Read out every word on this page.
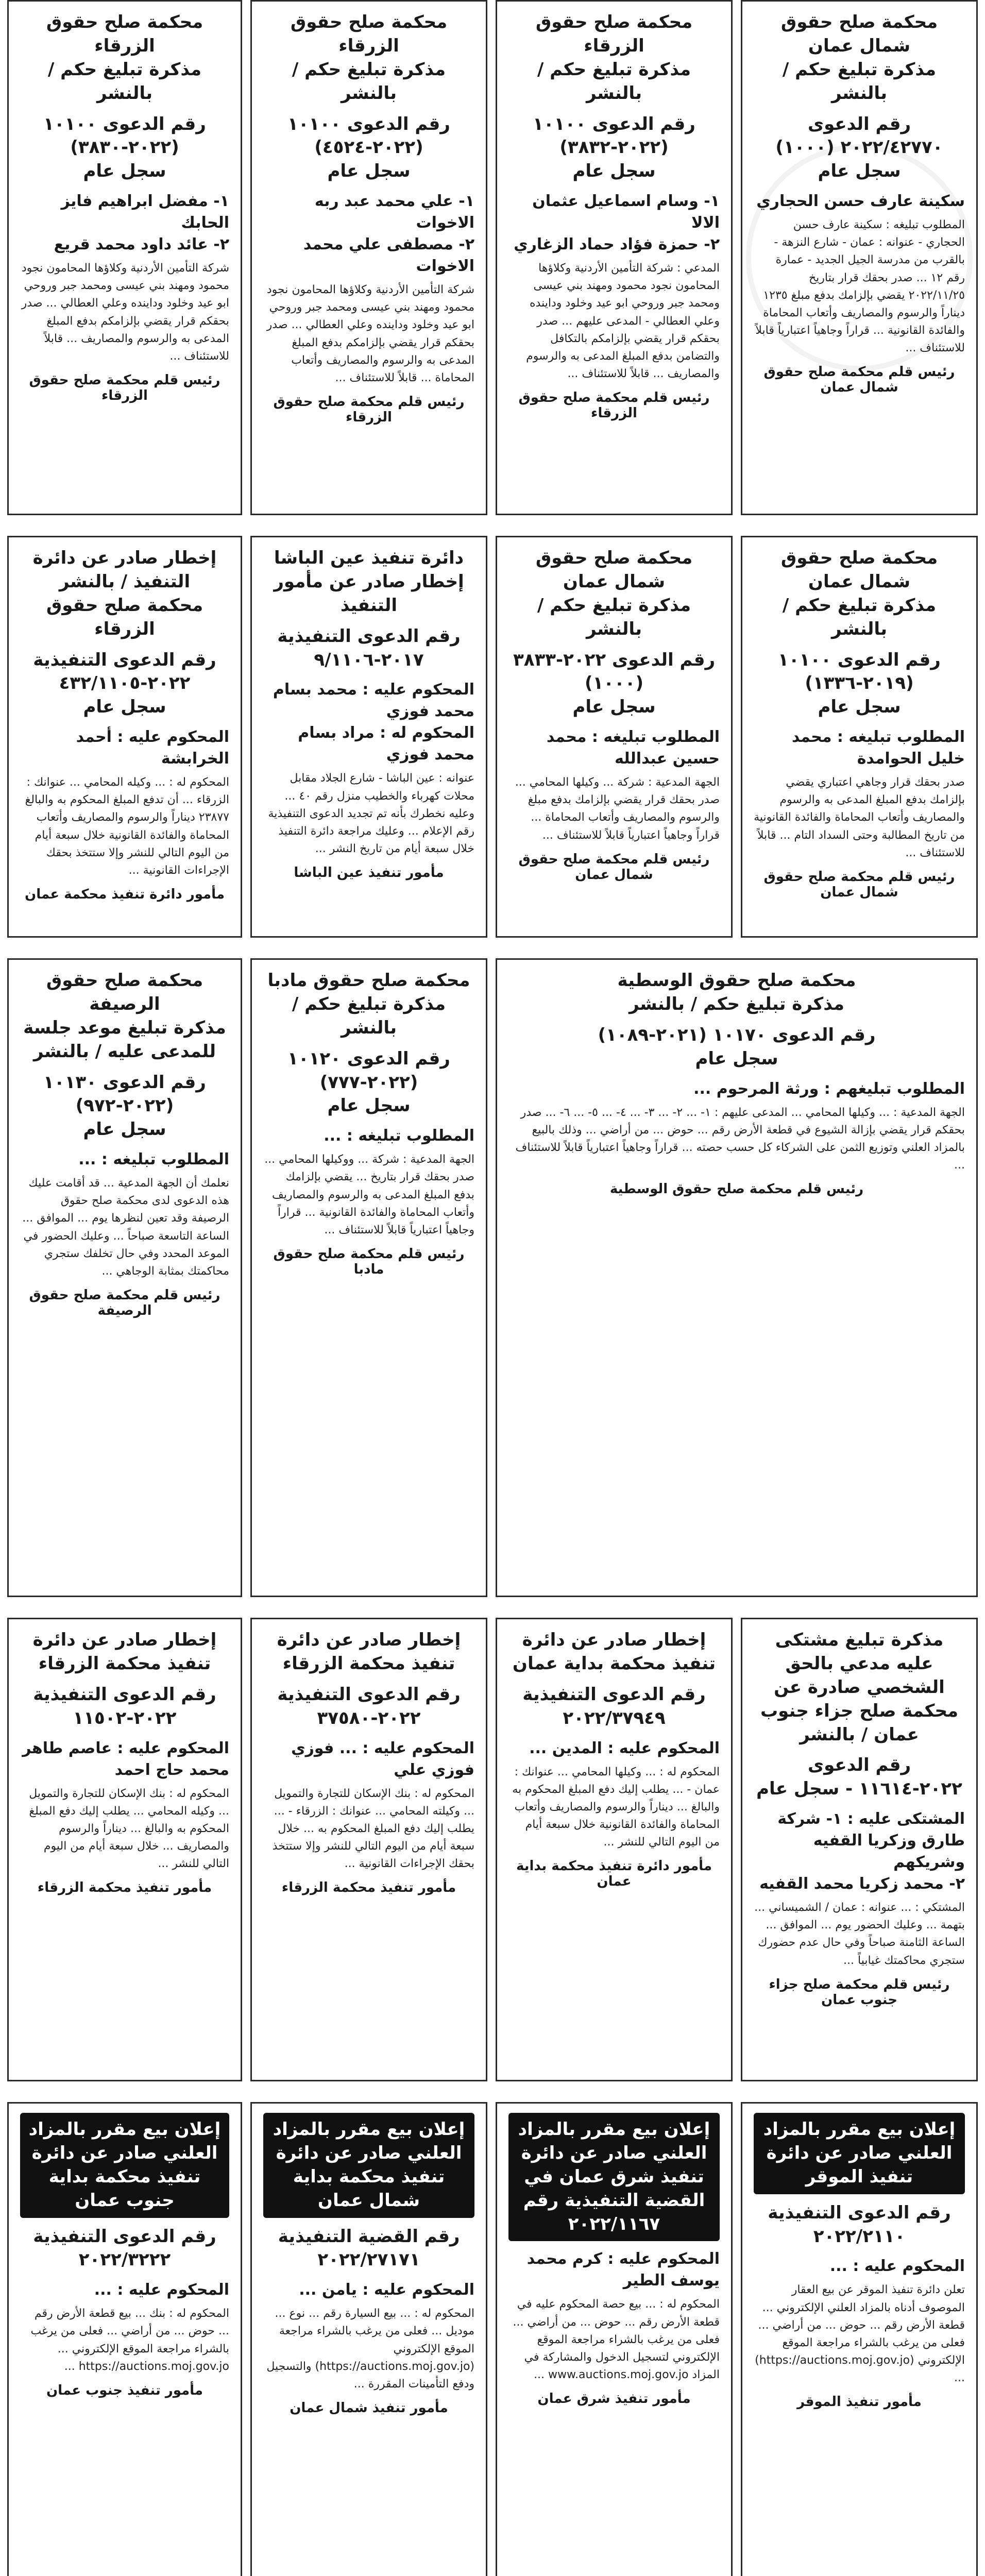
محكمة صلح حقوق شمال عمان
مذكرة تبليغ حكم / بالنشر
رقم الدعوى ٢٠٢٢/٤٢٧٧٠ (١٠٠٠)
سجل عام
سكينة عارف حسن الحجاري
المطلوب تبليغه : سكينة عارف حسن الحجاري - عنوانه : عمان - شارع النزهة - بالقرب من مدرسة الجيل الجديد - عمارة رقم ١٢ ... صدر بحقك قرار بتاريخ ٢٠٢٢/١١/٢٥ يقضي بإلزامك بدفع مبلغ ١٢٣٥ ديناراً والرسوم والمصاريف وأتعاب المحاماة والفائدة القانونية ... قراراً وجاهياً اعتبارياً قابلاً للاستئناف ...
رئيس قلم محكمة صلح حقوق شمال عمان
محكمة صلح حقوق الزرقاء
مذكرة تبليغ حكم / بالنشر
رقم الدعوى ١٠١٠٠ (٢٠٢٢-٣٨٣٢)
سجل عام
١- وسام اسماعيل عثمان الالا
٢- حمزة فؤاد حماد الزغاري
المدعي : شركة التأمين الأردنية وكلاؤها المحامون نجود محمود ومهند بني عيسى ومحمد جبر وروحي ابو عيد وخلود وداينده وعلي العطالي - المدعى عليهم ... صدر بحقكم قرار يقضي بإلزامكم بالتكافل والتضامن بدفع المبلغ المدعى به والرسوم والمصاريف ... قابلاً للاستئناف ...
رئيس قلم محكمة صلح حقوق الزرقاء
محكمة صلح حقوق الزرقاء
مذكرة تبليغ حكم / بالنشر
رقم الدعوى ١٠١٠٠ (٢٠٢٢-٤٥٢٤)
سجل عام
١- علي محمد عبد ربه الاخوات
٢- مصطفى علي محمد الاخوات
شركة التأمين الأردنية وكلاؤها المحامون نجود محمود ومهند بني عيسى ومحمد جبر وروحي ابو عيد وخلود وداينده وعلي العطالي ... صدر بحقكم قرار يقضي بإلزامكم بدفع المبلغ المدعى به والرسوم والمصاريف وأتعاب المحاماة ... قابلاً للاستئناف ...
رئيس قلم محكمة صلح حقوق الزرقاء
محكمة صلح حقوق الزرقاء
مذكرة تبليغ حكم / بالنشر
رقم الدعوى ١٠١٠٠ (٢٠٢٢-٣٨٣٠)
سجل عام
١- مفضل ابراهيم فايز الحابك
٢- عائد داود محمد قريع
شركة التأمين الأردنية وكلاؤها المحامون نجود محمود ومهند بني عيسى ومحمد جبر وروحي ابو عيد وخلود وداينده وعلي العطالي ... صدر بحقكم قرار يقضي بإلزامكم بدفع المبلغ المدعى به والرسوم والمصاريف ... قابلاً للاستئناف ...
رئيس قلم محكمة صلح حقوق الزرقاء
محكمة صلح حقوق شمال عمان
مذكرة تبليغ حكم / بالنشر
رقم الدعوى ١٠١٠٠ (٢٠١٩-١٣٣٦)
سجل عام
المطلوب تبليغه : محمد خليل الحوامدة
صدر بحقك قرار وجاهي اعتباري يقضي بإلزامك بدفع المبلغ المدعى به والرسوم والمصاريف وأتعاب المحاماة والفائدة القانونية من تاريخ المطالبة وحتى السداد التام ... قابلاً للاستئناف ...
رئيس قلم محكمة صلح حقوق شمال عمان
محكمة صلح حقوق شمال عمان
مذكرة تبليغ حكم / بالنشر
رقم الدعوى ٢٠٢٢-٣٨٣٣ (١٠٠٠)
سجل عام
المطلوب تبليغه : محمد حسين عبدالله
الجهة المدعية : شركة ... وكيلها المحامي ... صدر بحقك قرار يقضي بإلزامك بدفع مبلغ والرسوم والمصاريف وأتعاب المحاماة ... قراراً وجاهياً اعتبارياً قابلاً للاستئناف ...
رئيس قلم محكمة صلح حقوق شمال عمان
دائرة تنفيذ عين الباشا
إخطار صادر عن مأمور التنفيذ
رقم الدعوى التنفيذية ٢٠١٧-٩/١١٠٦
المحكوم عليه : محمد بسام محمد فوزي
المحكوم له : مراد بسام محمد فوزي
عنوانه : عين الباشا - شارع الجلاد مقابل محلات كهرباء والخطيب منزل رقم ٤٠ ... وعليه نخطرك بأنه تم تجديد الدعوى التنفيذية رقم الإعلام ... وعليك مراجعة دائرة التنفيذ خلال سبعة أيام من تاريخ النشر ...
مأمور تنفيذ عين الباشا
إخطار صادر عن دائرة التنفيذ / بالنشر
محكمة صلح حقوق الزرقاء
رقم الدعوى التنفيذية ٢٠٢٢-٤٣٢/١١٠٥
سجل عام
المحكوم عليه : أحمد الخرابشة
المحكوم له : ... وكيله المحامي ... عنوانك : الزرقاء ... أن تدفع المبلغ المحكوم به والبالغ ٢٣٨٧٧ ديناراً والرسوم والمصاريف وأتعاب المحاماة والفائدة القانونية خلال سبعة أيام من اليوم التالي للنشر وإلا ستتخذ بحقك الإجراءات القانونية ...
مأمور دائرة تنفيذ محكمة عمان
محكمة صلح حقوق الوسطية
مذكرة تبليغ حكم / بالنشر
رقم الدعوى ١٠١٧٠ (٢٠٢١-١٠٨٩)
سجل عام
المطلوب تبليغهم : ورثة المرحوم ...
الجهة المدعية : ... وكيلها المحامي ... المدعى عليهم : ١- ... ٢- ... ٣- ... ٤- ... ٥- ... ٦- ... صدر بحقكم قرار يقضي بإزالة الشيوع في قطعة الأرض رقم ... حوض ... من أراضي ... وذلك بالبيع بالمزاد العلني وتوزيع الثمن على الشركاء كل حسب حصته ... قراراً وجاهياً اعتبارياً قابلاً للاستئناف ...
رئيس قلم محكمة صلح حقوق الوسطية
محكمة صلح حقوق مادبا
مذكرة تبليغ حكم / بالنشر
رقم الدعوى ١٠١٢٠ (٢٠٢٢-٧٧٧)
سجل عام
المطلوب تبليغه : ...
الجهة المدعية : شركة ... ووكيلها المحامي ... صدر بحقك قرار بتاريخ ... يقضي بإلزامك بدفع المبلغ المدعى به والرسوم والمصاريف وأتعاب المحاماة والفائدة القانونية ... قراراً وجاهياً اعتبارياً قابلاً للاستئناف ...
رئيس قلم محكمة صلح حقوق مادبا
محكمة صلح حقوق الرصيفة
مذكرة تبليغ موعد جلسة للمدعى عليه / بالنشر
رقم الدعوى ١٠١٣٠ (٢٠٢٢-٩٧٢)
سجل عام
المطلوب تبليغه : ...
نعلمك أن الجهة المدعية ... قد أقامت عليك هذه الدعوى لدى محكمة صلح حقوق الرصيفة وقد تعين لنظرها يوم ... الموافق ... الساعة التاسعة صباحاً ... وعليك الحضور في الموعد المحدد وفي حال تخلفك ستجري محاكمتك بمثابة الوجاهي ...
رئيس قلم محكمة صلح حقوق الرصيفة
مذكرة تبليغ مشتكى عليه مدعي بالحق الشخصي صادرة عن محكمة صلح جزاء جنوب عمان / بالنشر
رقم الدعوى ٢٠٢٢-١١٦١٤ - سجل عام
المشتكى عليه : ١- شركة طارق وزكريا القفيه وشريكهم
٢- محمد زكريا محمد القفيه
المشتكي : ... عنوانه : عمان / الشميساني ... بتهمة ... وعليك الحضور يوم ... الموافق ... الساعة الثامنة صباحاً وفي حال عدم حضورك ستجري محاكمتك غيابياً ...
رئيس قلم محكمة صلح جزاء جنوب عمان
إخطار صادر عن دائرة تنفيذ محكمة بداية عمان
رقم الدعوى التنفيذية ٢٠٢٢/٣٧٩٤٩
المحكوم عليه : المدين ...
المحكوم له : ... وكيلها المحامي ... عنوانك : عمان - ... يطلب إليك دفع المبلغ المحكوم به والبالغ ... ديناراً والرسوم والمصاريف وأتعاب المحاماة والفائدة القانونية خلال سبعة أيام من اليوم التالي للنشر ...
مأمور دائرة تنفيذ محكمة بداية عمان
إخطار صادر عن دائرة تنفيذ محكمة الزرقاء
رقم الدعوى التنفيذية ٢٠٢٢-٣٧٥٨٠
المحكوم عليه : ... فوزي فوزي علي
المحكوم له : بنك الإسكان للتجارة والتمويل ... وكيلته المحامي ... عنوانك : الزرقاء - ... يطلب إليك دفع المبلغ المحكوم به ... خلال سبعة أيام من اليوم التالي للنشر وإلا ستتخذ بحقك الإجراءات القانونية ...
مأمور تنفيذ محكمة الزرقاء
إخطار صادر عن دائرة تنفيذ محكمة الزرقاء
رقم الدعوى التنفيذية ٢٠٢٢-١١٥٠٢
المحكوم عليه : عاصم طاهر محمد حاج احمد
المحكوم له : بنك الإسكان للتجارة والتمويل ... وكيله المحامي ... يطلب إليك دفع المبلغ المحكوم به والبالغ ... ديناراً والرسوم والمصاريف ... خلال سبعة أيام من اليوم التالي للنشر ...
مأمور تنفيذ محكمة الزرقاء
إعلان بيع مقرر بالمزاد العلني صادر عن دائرة تنفيذ الموقر
رقم الدعوى التنفيذية ٢٠٢٢/٢١١٠
المحكوم عليه : ...
تعلن دائرة تنفيذ الموقر عن بيع العقار الموصوف أدناه بالمزاد العلني الإلكتروني ... قطعة الأرض رقم ... حوض ... من أراضي ... فعلى من يرغب بالشراء مراجعة الموقع الإلكتروني (https://auctions.moj.gov.jo) ...
مأمور تنفيذ الموقر
إعلان بيع مقرر بالمزاد العلني صادر عن دائرة تنفيذ شرق عمان في القضية التنفيذية رقم ٢٠٢٢/١١٦٧
المحكوم عليه : كرم محمد يوسف الطير
المحكوم له : ... بيع حصة المحكوم عليه في قطعة الأرض رقم ... حوض ... من أراضي ... فعلى من يرغب بالشراء مراجعة الموقع الإلكتروني لتسجيل الدخول والمشاركة في المزاد www.auctions.moj.gov.jo ...
مأمور تنفيذ شرق عمان
إعلان بيع مقرر بالمزاد العلني صادر عن دائرة تنفيذ محكمة بداية شمال عمان
رقم القضية التنفيذية ٢٠٢٢/٢٧١٧١
المحكوم عليه : يامن ...
المحكوم له : ... بيع السيارة رقم ... نوع ... موديل ... فعلى من يرغب بالشراء مراجعة الموقع الإلكتروني (https://auctions.moj.gov.jo) والتسجيل ودفع التأمينات المقررة ...
مأمور تنفيذ شمال عمان
إعلان بيع مقرر بالمزاد العلني صادر عن دائرة تنفيذ محكمة بداية جنوب عمان
رقم الدعوى التنفيذية ٢٠٢٢/٣٢٢٢
المحكوم عليه : ...
المحكوم له : بنك ... بيع قطعة الأرض رقم ... حوض ... من أراضي ... فعلى من يرغب بالشراء مراجعة الموقع الإلكتروني ... https://auctions.moj.gov.jo ...
مأمور تنفيذ جنوب عمان
